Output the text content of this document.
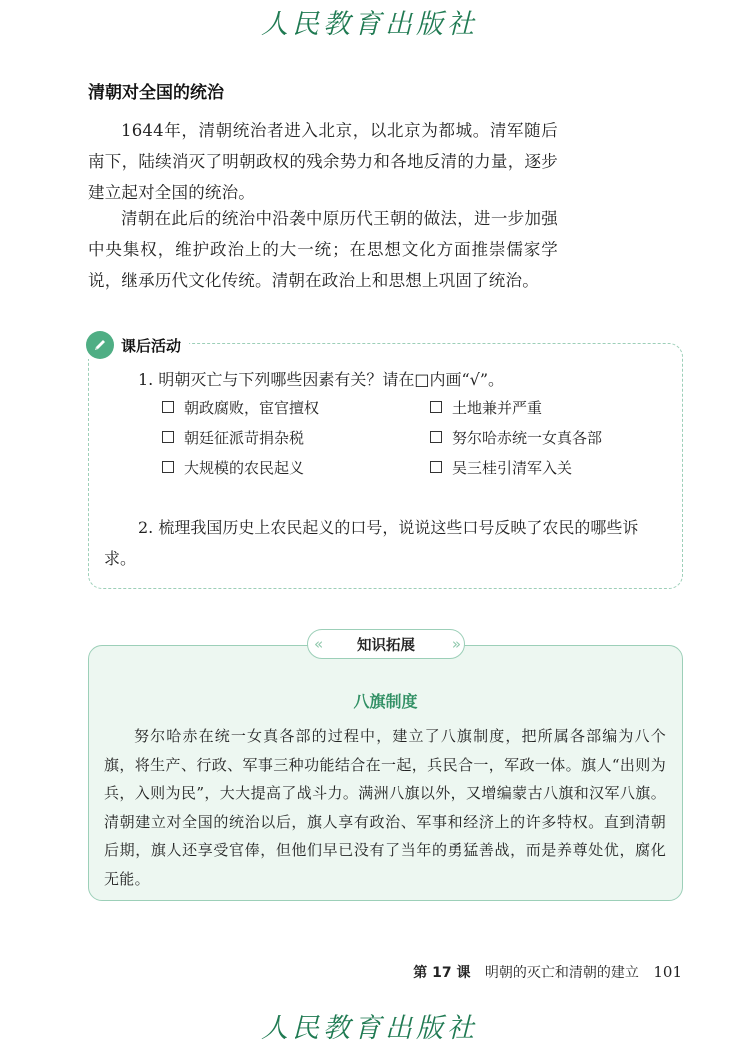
人民教育出版社
清朝对全国的统治

1644年，清朝统治者进入北京，以北京为都城。清军随后南下，陆续消灭了明朝政权的残余势力和各地反清的力量，逐步建立起对全国的统治。

清朝在此后的统治中沿袭中原历代王朝的做法，进一步加强中央集权，维护政治上的大一统；在思想文化方面推崇儒家学说，继承历代文化传统。清朝在政治上和思想上巩固了统治。

课后活动
1. 明朝灭亡与下列哪些因素有关？请在□内画“√”。
朝政腐败，宦官擅权	土地兼并严重
朝廷征派苛捐杂税	努尔哈赤统一女真各部
大规模的农民起义	吴三桂引清军入关

2. 梳理我国历史上农民起义的口号，说说这些口号反映了农民的哪些诉求。

«	知识拓展 »
八旗制度

努尔哈赤在统一女真各部的过程中，建立了八旗制度，把所属各部编为八个旗，将生产、行政、军事三种功能结合在一起，兵民合一，军政一体。旗人“出则为兵，入则为民”，大大提高了战斗力。满洲八旗以外，又增编蒙古八旗和汉军八旗。清朝建立对全国的统治以后，旗人享有政治、军事和经济上的许多特权。直到清朝后期，旗人还享受官俸，但他们早已没有了当年的勇猛善战，而是养尊处优，腐化无能。

第 17 课 明朝的灭亡和清朝的建立 101
人民教育出版社
